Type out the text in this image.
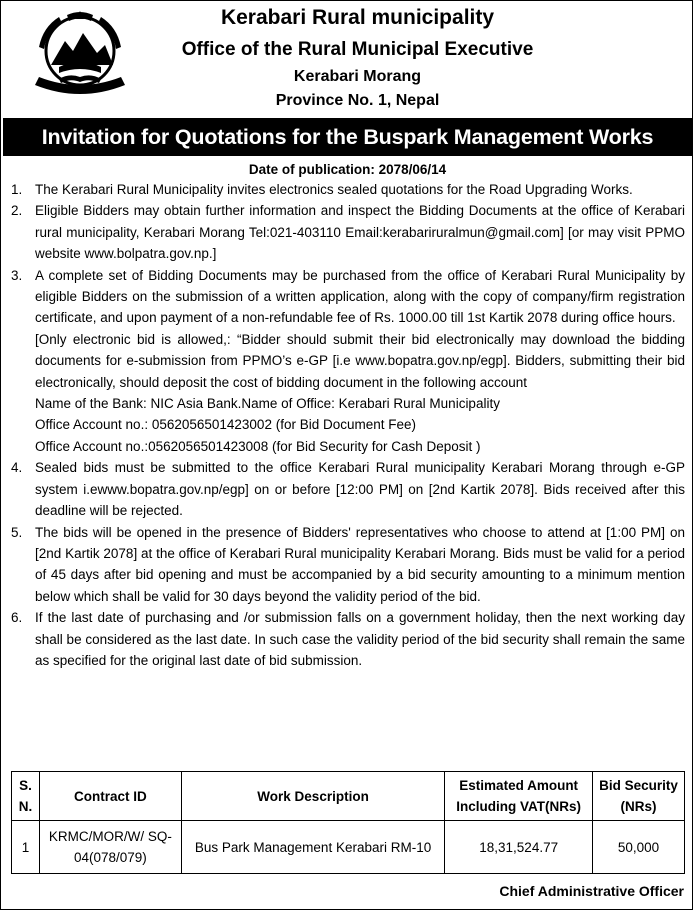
Kerabari Rural municipality
Office of the Rural Municipal Executive
Kerabari Morang
Province No. 1, Nepal
Invitation for Quotations for the Buspark Management Works
Date of publication: 2078/06/14
1. The Kerabari Rural Municipality invites electronics sealed quotations for the Road Upgrading Works.
2. Eligible Bidders may obtain further information and inspect the Bidding Documents at the office of Kerabari rural municipality, Kerabari Morang Tel:021-403110 Email:kerabariruralmun@gmail.com] [or may visit PPMO website www.bolpatra.gov.np.]
3. A complete set of Bidding Documents may be purchased from the office of Kerabari Rural Municipality by eligible Bidders on the submission of a written application, along with the copy of company/firm registration certificate, and upon payment of a non-refundable fee of Rs. 1000.00 till 1st Kartik 2078 during office hours.
[Only electronic bid is allowed,: “Bidder should submit their bid electronically may download the bidding documents for e-submission from PPMO’s e-GP [i.e www.bopatra.gov.np/egp]. Bidders, submitting their bid electronically, should deposit the cost of bidding document in the following account
Name of the Bank: NIC Asia Bank.Name of Office: Kerabari Rural Municipality
Office Account no.: 0562056501423002 (for Bid Document Fee)
Office Account no.:0562056501423008 (for Bid Security for Cash Deposit )
4. Sealed bids must be submitted to the office Kerabari Rural municipality Kerabari Morang through e-GP system i.ewww.bopatra.gov.np/egp] on or before [12:00 PM] on [2nd Kartik 2078]. Bids received after this deadline will be rejected.
5. The bids will be opened in the presence of Bidders' representatives who choose to attend at [1:00 PM] on [2nd Kartik 2078] at the office of Kerabari Rural municipality Kerabari Morang. Bids must be valid for a period of 45 days after bid opening and must be accompanied by a bid security amounting to a minimum mention below which shall be valid for 30 days beyond the validity period of the bid.
6. If the last date of purchasing and /or submission falls on a government holiday, then the next working day shall be considered as the last date. In such case the validity period of the bid security shall remain the same as specified for the original last date of bid submission.
S. N.	Contract ID	Work Description	Estimated Amount Including VAT(NRs)	Bid Security (NRs)
1	KRMC/MOR/W/ SQ-04(078/079)	Bus Park Management Kerabari RM-10	18,31,524.77	50,000
Chief Administrative Officer
